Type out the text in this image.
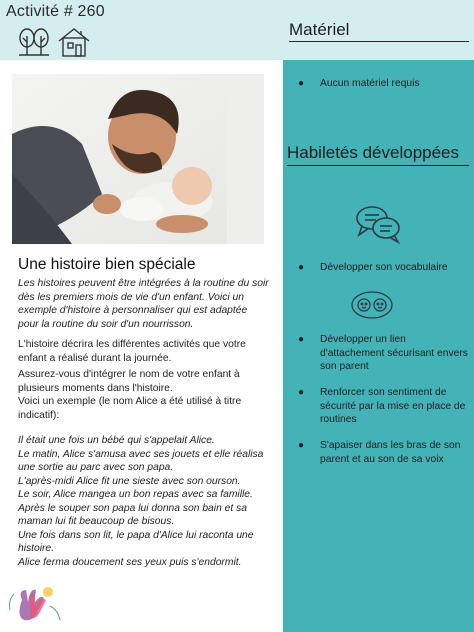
Activité # 260
Matériel
Une histoire bien spéciale
Les histoires peuvent être intégrées à la routine du soir dès les premiers mois de vie d'un enfant. Voici un exemple d'histoire à personnaliser qui est adaptée pour la routine du soir d'un nourrisson.
L'histoire décrira les différentes activités que votre enfant a réalisé durant la journée.
Assurez-vous d'intégrer le nom de votre enfant à plusieurs moments dans l'histoire.
Voici un exemple (le nom Alice a été utilisé à titre indicatif):
Il était une fois un bébé qui s'appelait Alice.
Le matin, Alice s'amusa avec ses jouets et elle réalisa une sortie au parc avec son papa.
L'après-midi Alice fit une sieste avec son ourson.
Le soir, Alice mangea un bon repas avec sa famille.
Après le souper son papa lui donna son bain et sa maman lui fit beaucoup de bisous.
Une fois dans son lit, le papa d'Alice lui raconta une histoire.
Alice ferma doucement ses yeux puis s'endormit.
● Aucun matériel requis
Habiletés développées
● Développer son vocabulaire
● Développer un lien d'attachement sécurisant envers son parent
● Renforcer son sentiment de sécurité par la mise en place de routines
● S'apaiser dans les bras de son parent et au son de sa voix
